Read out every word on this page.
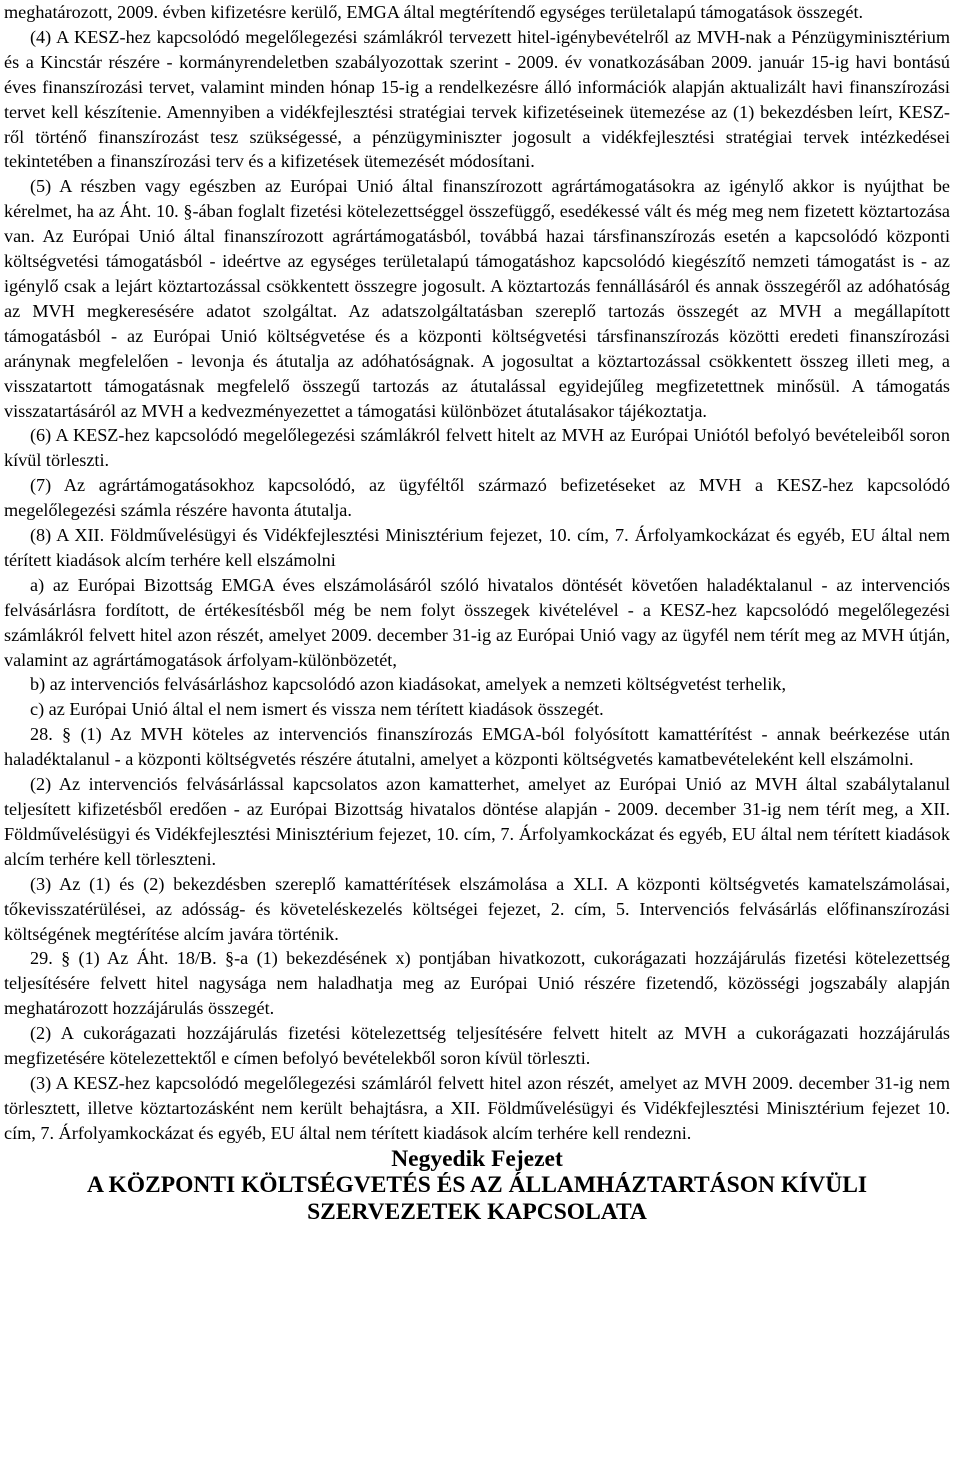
meghatározott, 2009. évben kifizetésre kerülő, EMGA által megtérítendő egységes területalapú támogatások összegét.

(4) A KESZ-hez kapcsolódó megelőlegezési számlákról tervezett hitel-igénybevételről az MVH-nak a Pénzügyminisztérium és a Kincstár részére - kormányrendeletben szabályozottak szerint - 2009. év vonatkozásában 2009. január 15-ig havi bontású éves finanszírozási tervet, valamint minden hónap 15-ig a rendelkezésre álló információk alapján aktualizált havi finanszírozási tervet kell készítenie. Amennyiben a vidékfejlesztési stratégiai tervek kifizetéseinek ütemezése az (1) bekezdésben leírt, KESZ-ről történő finanszírozást tesz szükségessé, a pénzügyminiszter jogosult a vidékfejlesztési stratégiai tervek intézkedései tekintetében a finanszírozási terv és a kifizetések ütemezését módosítani.

(5) A részben vagy egészben az Európai Unió által finanszírozott agrártámogatásokra az igénylő akkor is nyújthat be kérelmet, ha az Áht. 10. §-ában foglalt fizetési kötelezettséggel összefüggő, esedékessé vált és még meg nem fizetett köztartozása van. Az Európai Unió által finanszírozott agrártámogatásból, továbbá hazai társfinanszírozás esetén a kapcsolódó központi költségvetési támogatásból - ideértve az egységes területalapú támogatáshoz kapcsolódó kiegészítő nemzeti támogatást is - az igénylő csak a lejárt köztartozással csökkentett összegre jogosult. A köztartozás fennállásáról és annak összegéről az adóhatóság az MVH megkeresésére adatot szolgáltat. Az adatszolgáltatásban szereplő tartozás összegét az MVH a megállapított támogatásból - az Európai Unió költségvetése és a központi költségvetési társfinanszírozás közötti eredeti finanszírozási aránynak megfelelően - levonja és átutalja az adóhatóságnak. A jogosultat a köztartozással csökkentett összeg illeti meg, a visszatartott támogatásnak megfelelő összegű tartozás az átutalással egyidejűleg megfizetettnek minősül. A támogatás visszatartásáról az MVH a kedvezményezettet a támogatási különbözet átutalásakor tájékoztatja.

(6) A KESZ-hez kapcsolódó megelőlegezési számlákról felvett hitelt az MVH az Európai Uniótól befolyó bevételeiből soron kívül törleszti.

(7) Az agrártámogatásokhoz kapcsolódó, az ügyféltől származó befizetéseket az MVH a KESZ-hez kapcsolódó megelőlegezési számla részére havonta átutalja.

(8) A XII. Földművelésügyi és Vidékfejlesztési Minisztérium fejezet, 10. cím, 7. Árfolyamkockázat és egyéb, EU által nem térített kiadások alcím terhére kell elszámolni

a) az Európai Bizottság EMGA éves elszámolásáról szóló hivatalos döntését követően haladéktalanul - az intervenciós felvásárlásra fordított, de értékesítésből még be nem folyt összegek kivételével - a KESZ-hez kapcsolódó megelőlegezési számlákról felvett hitel azon részét, amelyet 2009. december 31-ig az Európai Unió vagy az ügyfél nem térít meg az MVH útján, valamint az agrártámogatások árfolyam-különbözetét,

b) az intervenciós felvásárláshoz kapcsolódó azon kiadásokat, amelyek a nemzeti költségvetést terhelik,

c) az Európai Unió által el nem ismert és vissza nem térített kiadások összegét.

28. § (1) Az MVH köteles az intervenciós finanszírozás EMGA-ból folyósított kamattérítést - annak beérkezése után haladéktalanul - a központi költségvetés részére átutalni, amelyet a központi költségvetés kamatbevételeként kell elszámolni.

(2) Az intervenciós felvásárlással kapcsolatos azon kamatterhet, amelyet az Európai Unió az MVH által szabálytalanul teljesített kifizetésből eredően - az Európai Bizottság hivatalos döntése alapján - 2009. december 31-ig nem térít meg, a XII. Földművelésügyi és Vidékfejlesztési Minisztérium fejezet, 10. cím, 7. Árfolyamkockázat és egyéb, EU által nem térített kiadások alcím terhére kell törleszteni.

(3) Az (1) és (2) bekezdésben szereplő kamattérítések elszámolása a XLI. A központi költségvetés kamatelszámolásai, tőkevisszatérülései, az adósság- és követeléskezelés költségei fejezet, 2. cím, 5. Intervenciós felvásárlás előfinanszírozási költségének megtérítése alcím javára történik.

29. § (1) Az Áht. 18/B. §-a (1) bekezdésének x) pontjában hivatkozott, cukorágazati hozzájárulás fizetési kötelezettség teljesítésére felvett hitel nagysága nem haladhatja meg az Európai Unió részére fizetendő, közösségi jogszabály alapján meghatározott hozzájárulás összegét.

(2) A cukorágazati hozzájárulás fizetési kötelezettség teljesítésére felvett hitelt az MVH a cukorágazati hozzájárulás megfizetésére kötelezettektől e címen befolyó bevételekből soron kívül törleszti.

(3) A KESZ-hez kapcsolódó megelőlegezési számláról felvett hitel azon részét, amelyet az MVH 2009. december 31-ig nem törlesztett, illetve köztartozásként nem került behajtásra, a XII. Földművelésügyi és Vidékfejlesztési Minisztérium fejezet 10. cím, 7. Árfolyamkockázat és egyéb, EU által nem térített kiadások alcím terhére kell rendezni.

Negyedik Fejezet

A KÖZPONTI KÖLTSÉGVETÉS ÉS AZ ÁLLAMHÁZTARTÁSON KÍVÜLI

SZERVEZETEK KAPCSOLATA
